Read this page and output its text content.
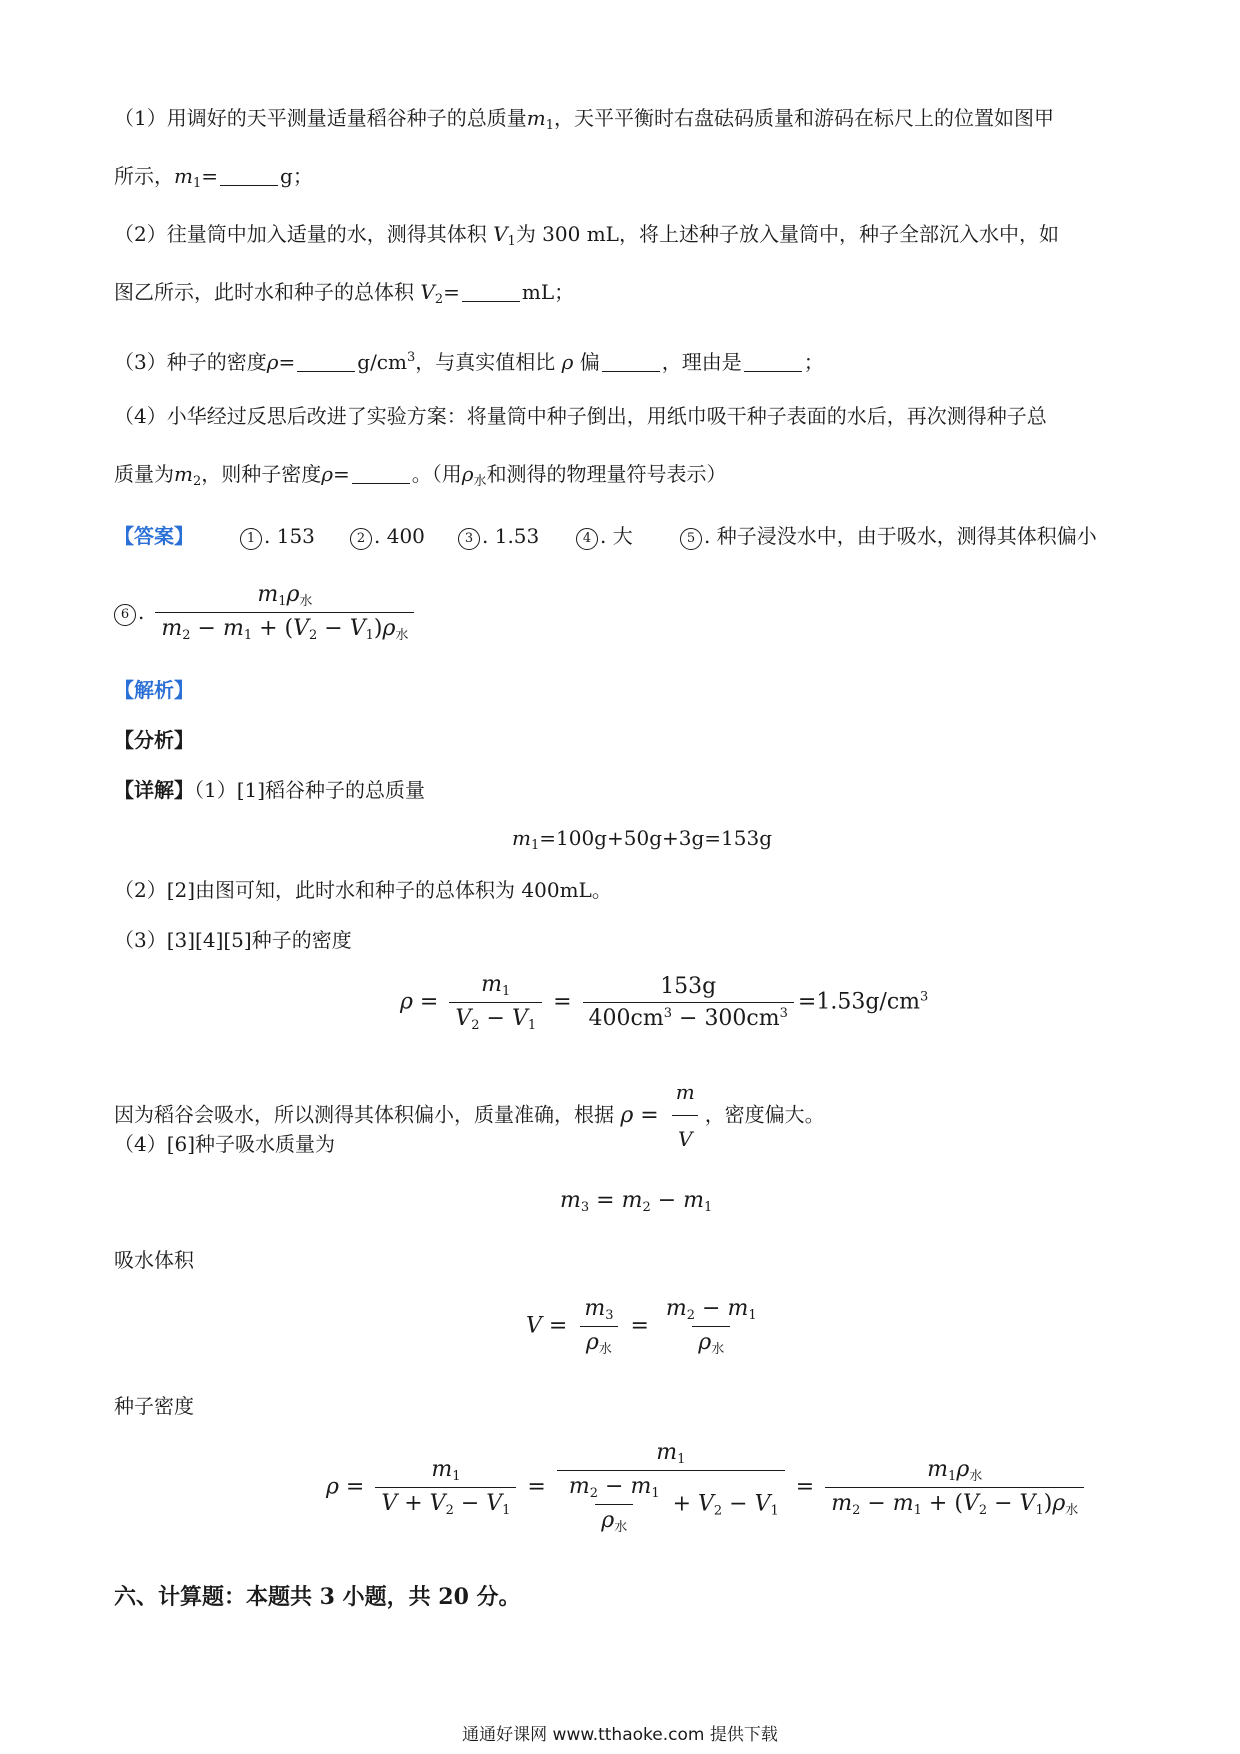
（1）用调好的天平测量适量稻谷种子的总质量$m_1$，天平平衡时右盘砝码质量和游码在标尺上的位置如图甲
所示，$m_1=$	g；
（2）往量筒中加入适量的水，测得其体积 $V_1$为 300 mL，将上述种子放入量筒中，种子全部沉入水中，如
图乙所示，此时水和种子的总体积 $V_2=$	mL；
（3）种子的密度ρ=	$g/cm^3$，与真实值相比 ρ 偏	，理由是	；
（4）小华经过反思后改进了实验方案：将量筒中种子倒出，用纸巾吸干种子表面的水后，再次测得种子总
质量为$m_2$，则种子密度ρ=	。（用$\rho_水$和测得的物理量符号表示）
【答案】	1 . 153	2 . 400	3 . 1.53	4 . 大	5 . 种子浸没水中，由于吸水，测得其体积偏小
6 . $\frac{m_1\rho_水}{m_2 - m_1 + (V_2 - V_1)\rho_水}$
【解析】
【分析】
【详解】（1）[1]稻谷种子的总质量
$m_1=100g+50g+3g=153g$
（2）[2]由图可知，此时水和种子的总体积为 400mL。
（3）[3][4][5]种子的密度
$\rho = \frac{m_1}{V_2 - V_1} = \frac{153g}{400cm^3 - 300cm^3} =1.53g/cm^3$
因为稻谷会吸水，所以测得其体积偏小，质量准确，根据 $\rho = \frac{m}{V}$ ，密度偏大。
（4）[6]种子吸水质量为
$m_3 = m_2 - m_1$
吸水体积
$V = \frac{m_3}{\rho_水} = \frac{m_2 - m_1}{\rho_水}$
种子密度
$\rho = \frac{m_1}{V + V_2 - V_1} = \frac{m_1}{\frac{m_2 - m_1}{\rho_水} + V_2 - V_1} = \frac{m_1\rho_水}{m_2 - m_1 + (V_2 - V_1)\rho_水}$
六、计算题：本题共 3 小题，共 20 分。
通通好课网 www.tthaoke.com 提供下载
